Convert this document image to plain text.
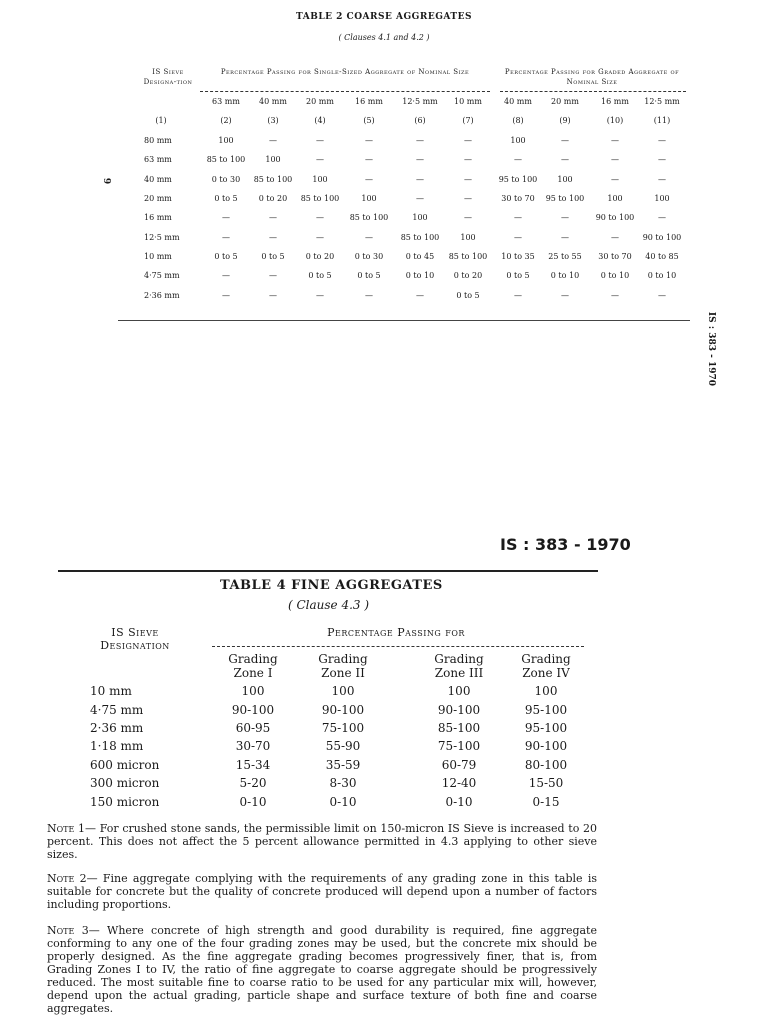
TABLE 2 COARSE AGGREGATES
( Clauses 4.1 and 4.2 )
IS Sieve Designa-tion
Percentage Passing for Single-Sized Aggregate of Nominal Size	Percentage Passing for Graded Aggregate of Nominal Size
9
IS : 383 - 1970
63 mm	40 mm	20 mm	16 mm	12·5 mm	10 mm	40 mm	20 mm	16 mm	12·5 mm
(1)	(2)	(3)	(4)	(5)	(6)	(7)	(8)	(9)	(10)	(11)
80 mm	100	—	—	—	—	—	100	—	—	—
63 mm	85 to 100	100	—	—	—	—	—	—	—	—
40 mm	0 to 30	85 to 100	100	—	—	—	95 to 100	100	—	—
20 mm	0 to 5	0 to 20	85 to 100	100	—	—	30 to 70	95 to 100	100	100
16 mm	—	—	—	85 to 100	100	—	—	—	90 to 100	—
12·5 mm	—	—	—	—	85 to 100	100	—	—	—	90 to 100
10 mm	0 to 5	0 to 5	0 to 20	0 to 30	0 to 45	85 to 100	10 to 35	25 to 55	30 to 70	40 to 85
4·75 mm	—	—	0 to 5	0 to 5	0 to 10	0 to 20	0 to 5	0 to 10	0 to 10	0 to 10
2·36 mm	—	—	—	—	—	0 to 5	—	—	—	—
IS : 383 - 1970
TABLE 4 FINE AGGREGATES
( Clause 4.3 )
IS Sieve Designation
Percentage Passing for
Grading
Zone I
Grading
Zone II
Grading
Zone III
Grading
Zone IV
10 mm	100	100	100	100
4·75 mm	90-100	90-100	90-100	95-100
2·36 mm	60-95	75-100	85-100	95-100
1·18 mm	30-70	55-90	75-100	90-100
600 micron	15-34	35-59	60-79	80-100
300 micron	5-20	8-30	12-40	15-50
150 micron	0-10	0-10	0-10	0-15
Note 1— For crushed stone sands, the permissible limit on 150-micron IS Sieve is increased to 20 percent. This does not affect the 5 percent allowance permitted in 4.3 applying to other sieve sizes.
Note 2— Fine aggregate complying with the requirements of any grading zone in this table is suitable for concrete but the quality of concrete produced will depend upon a number of factors including proportions.
Note 3— Where concrete of high strength and good durability is required, fine aggregate conforming to any one of the four grading zones may be used, but the concrete mix should be properly designed. As the fine aggregate grading becomes progressively finer, that is, from Grading Zones I to IV, the ratio of fine aggregate to coarse aggregate should be progressively reduced. The most suitable fine to coarse ratio to be used for any particular mix will, however, depend upon the actual grading, particle shape and surface texture of both fine and coarse aggregates.
